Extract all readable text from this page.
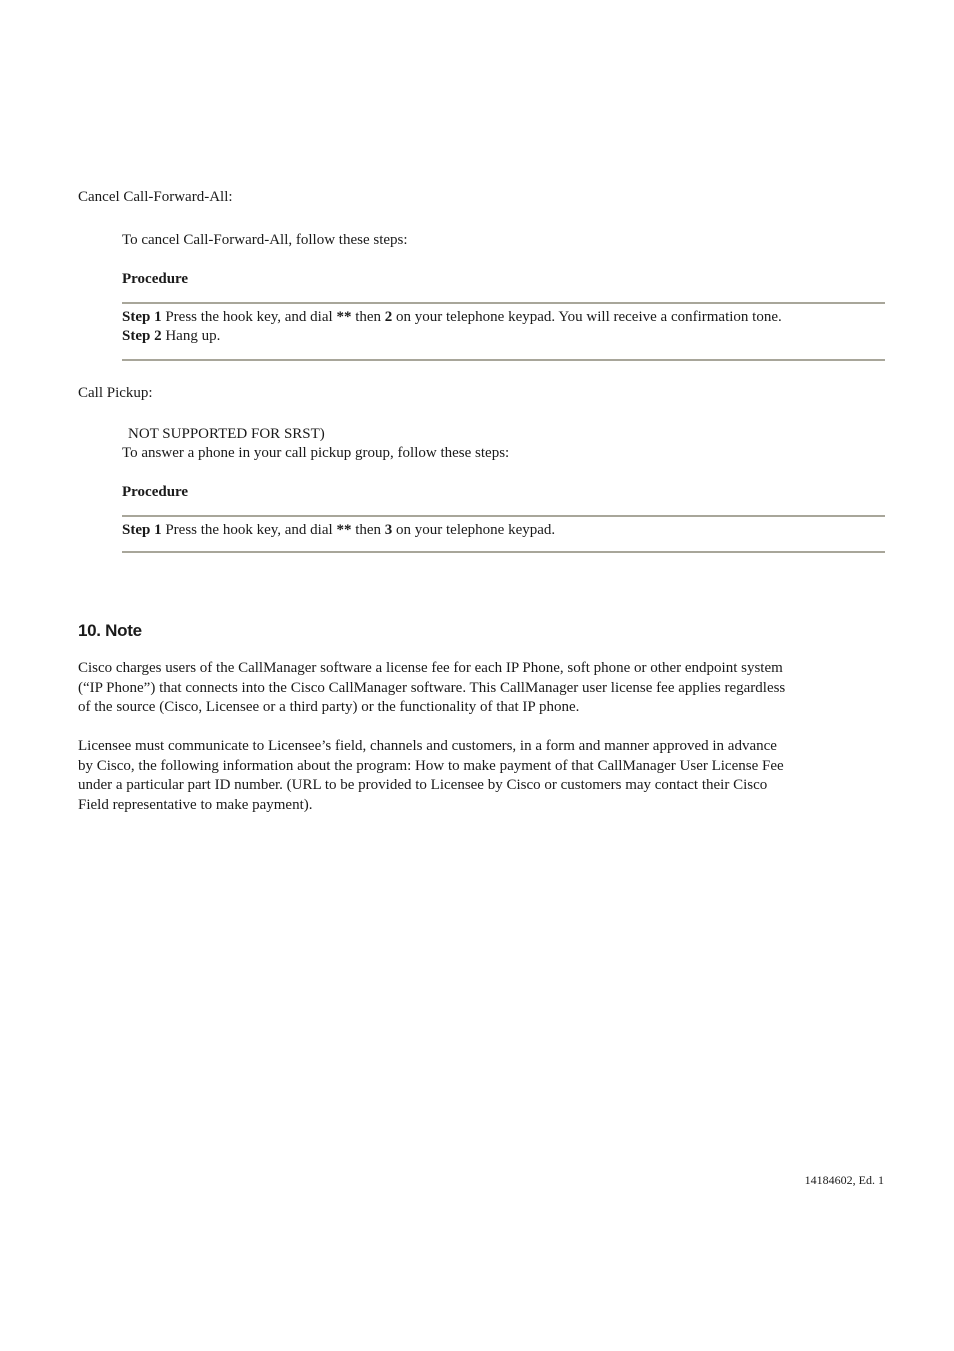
Cancel Call-Forward-All:
To cancel Call-Forward-All, follow these steps:
Procedure
Step 1 Press the hook key, and dial ** then 2 on your telephone keypad. You will receive a confirmation tone.
Step 2 Hang up.
Call Pickup:
NOT SUPPORTED FOR SRST)
To answer a phone in your call pickup group, follow these steps:
Procedure
Step 1 Press the hook key, and dial ** then 3 on your telephone keypad.
10. Note
Cisco charges users of the CallManager software a license fee for each IP Phone, soft phone or other endpoint system
(“IP Phone”) that connects into the Cisco CallManager software. This CallManager user license fee applies regardless
of the source (Cisco, Licensee or a third party) or the functionality of that IP phone.
Licensee must communicate to Licensee’s field, channels and customers, in a form and manner approved in advance
by Cisco, the following information about the program: How to make payment of that CallManager User License Fee
under a particular part ID number. (URL to be provided to Licensee by Cisco or customers may contact their Cisco
Field representative to make payment).
14184602, Ed. 1
